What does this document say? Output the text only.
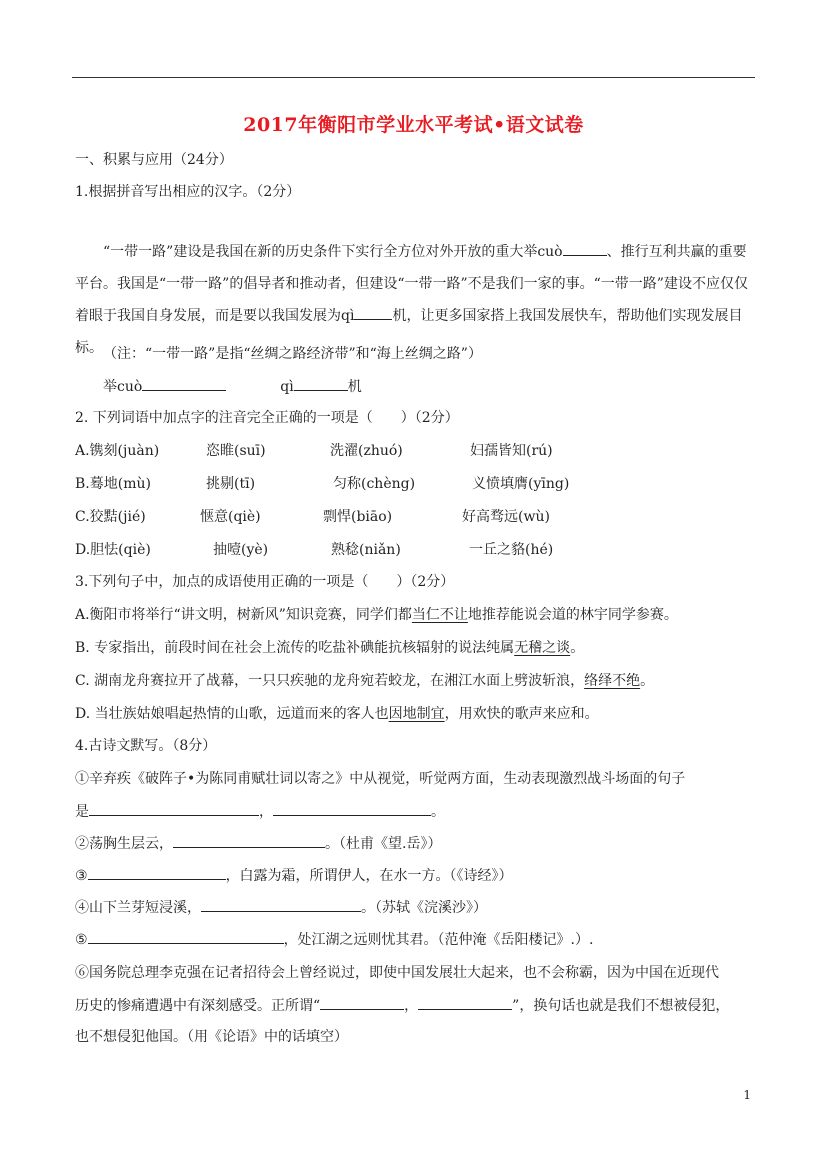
2017年衡阳市学业水平考试•语文试卷
一、积累与应用（24分）
1.根据拼音写出相应的汉字。（2分）
“一带一路”建设是我国在新的历史条件下实行全方位对外开放的重大举cuò	、推行互利共赢的重要平台。我国是“一带一路”的倡导者和推动者，但建设“一带一路”不是我们一家的事。“一带一路”建设不应仅仅着眼于我国自身发展，而是要以我国发展为qì	机，让更多国家搭上我国发展快车，帮助他们实现发展目标。 （注：“一带一路”是指“丝绸之路经济带”和“海上丝绸之路”）
举cuò	qì	机
2. 下列词语中加点字的注音完全正确的一项是（　　）（2分）
A.镌刻(juàn)	恣睢(suī)	洗濯(zhuó)	妇孺皆知(rú)
B.蓦地(mù)	挑剔(tī)	匀称(chèng)	义愤填膺(yīng)
C.狡黠(jié)	惬意(qiè)	剽悍(biāo)	好高骛远(wù)
D.胆怯(qiè)	抽噎(yè)	熟稔(niǎn)	一丘之貉(hé)
3.下列句子中，加点的成语使用正确的一项是（　　）（2分）
A.衡阳市将举行“讲文明，树新风”知识竞赛，同学们都当仁不让地推荐能说会道的林宇同学参赛。
B. 专家指出，前段时间在社会上流传的吃盐补碘能抗核辐射的说法纯属无稽之谈。
C. 湖南龙舟赛拉开了战幕，一只只疾驰的龙舟宛若蛟龙，在湘江水面上劈波斩浪，络绎不绝。
D. 当壮族姑娘唱起热情的山歌，远道而来的客人也因地制宜，用欢快的歌声来应和。
4.古诗文默写。（8分）
①辛弃疾《破阵子•为陈同甫赋壮词以寄之》中从视觉，听觉两方面，生动表现激烈战斗场面的句子
是	，	。
②荡胸生层云，	。（杜甫《望.岳》）
③	，白露为霜，所谓伊人，在水一方。（《诗经》）
④山下兰芽短浸溪，	。（苏轼《浣溪沙》）
⑤	，处江湖之远则忧其君。（范仲淹《岳阳楼记》.）.
⑥国务院总理李克强在记者招待会上曾经说过，即使中国发展壮大起来，也不会称霸，因为中国在近现代
历史的惨痛遭遇中有深刻感受。正所谓“	，	”，换句话也就是我们不想被侵犯，
也不想侵犯他国。（用《论语》中的话填空）
1
